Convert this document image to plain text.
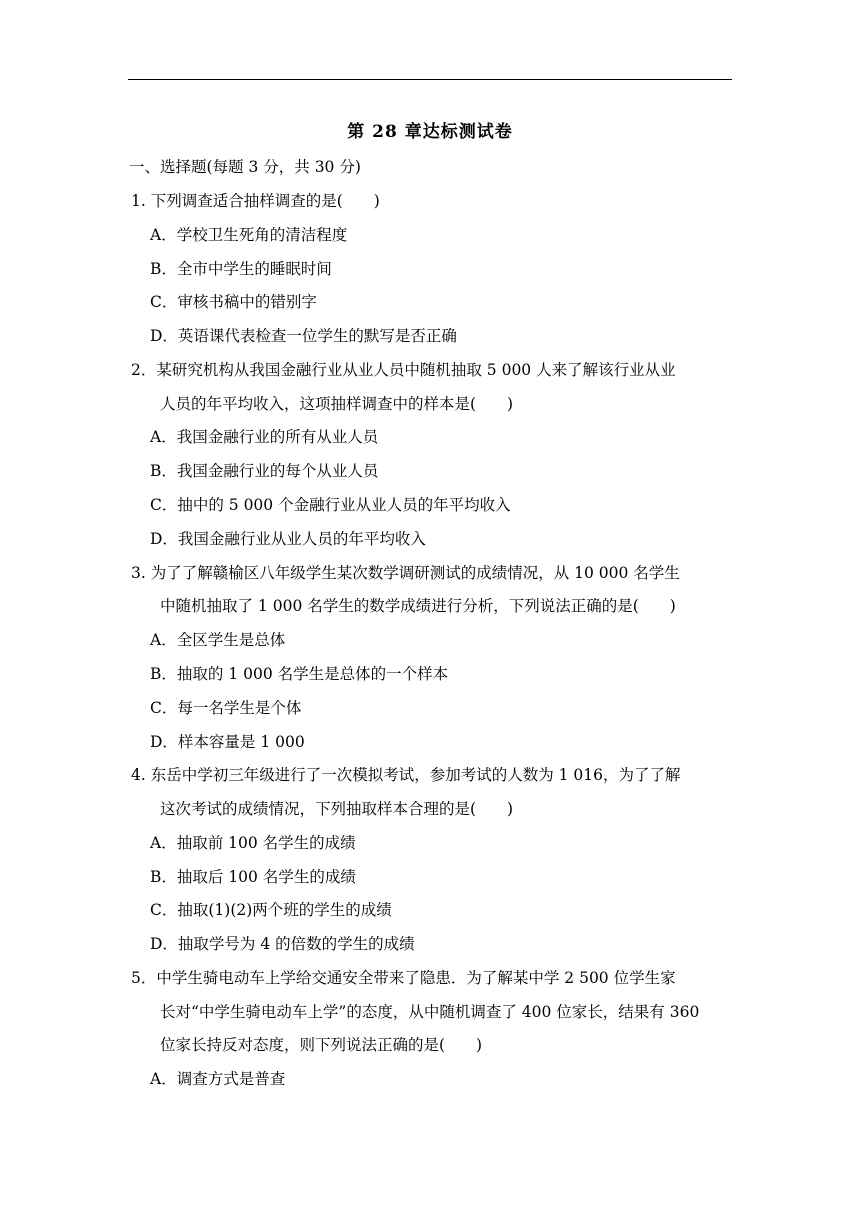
第 28 章达标测试卷
一、选择题(每题 3 分，共 30 分)
1. 下列调查适合抽样调查的是(　　)
A．学校卫生死角的清洁程度
B．全市中学生的睡眠时间
C．审核书稿中的错别字
D．英语课代表检查一位学生的默写是否正确
2．某研究机构从我国金融行业从业人员中随机抽取 5 000 人来了解该行业从业
人员的年平均收入，这项抽样调查中的样本是(　　)
A．我国金融行业的所有从业人员
B．我国金融行业的每个从业人员
C．抽中的 5 000 个金融行业从业人员的年平均收入
D．我国金融行业从业人员的年平均收入
3. 为了了解赣榆区八年级学生某次数学调研测试的成绩情况，从 10 000 名学生
中随机抽取了 1 000 名学生的数学成绩进行分析，下列说法正确的是(　　)
A．全区学生是总体
B．抽取的 1 000 名学生是总体的一个样本
C．每一名学生是个体
D．样本容量是 1 000
4. 东岳中学初三年级进行了一次模拟考试，参加考试的人数为 1 016，为了了解
这次考试的成绩情况，下列抽取样本合理的是(　　)
A．抽取前 100 名学生的成绩
B．抽取后 100 名学生的成绩
C．抽取(1)(2)两个班的学生的成绩
D．抽取学号为 4 的倍数的学生的成绩
5．中学生骑电动车上学给交通安全带来了隐患．为了解某中学 2 500 位学生家
长对“中学生骑电动车上学”的态度，从中随机调查了 400 位家长，结果有 360
位家长持反对态度，则下列说法正确的是(　　)
A．调查方式是普查
